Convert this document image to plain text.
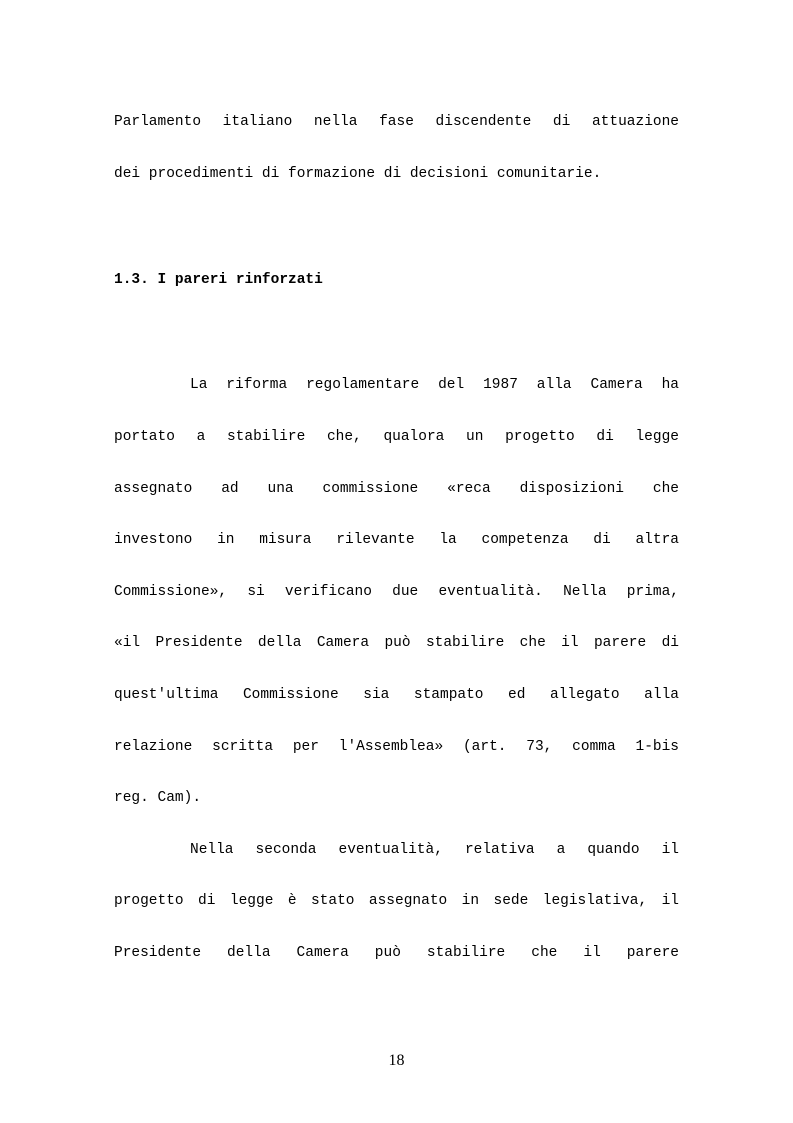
Parlamento italiano nella fase discendente di attuazione
dei procedimenti di formazione di decisioni comunitarie.
1.3. I pareri rinforzati
La riforma regolamentare del 1987 alla Camera ha
portato a stabilire che, qualora un progetto di legge
assegnato ad una commissione «reca disposizioni che
investono in misura rilevante la competenza di altra
Commissione», si verificano due eventualità. Nella prima,
«il Presidente della Camera può stabilire che il parere di
quest'ultima Commissione sia stampato ed allegato alla
relazione scritta per l'Assemblea» (art. 73, comma 1-bis
reg. Cam).
Nella seconda eventualità, relativa a quando il
progetto di legge è stato assegnato in sede legislativa, il
Presidente della Camera può stabilire che il parere
18
